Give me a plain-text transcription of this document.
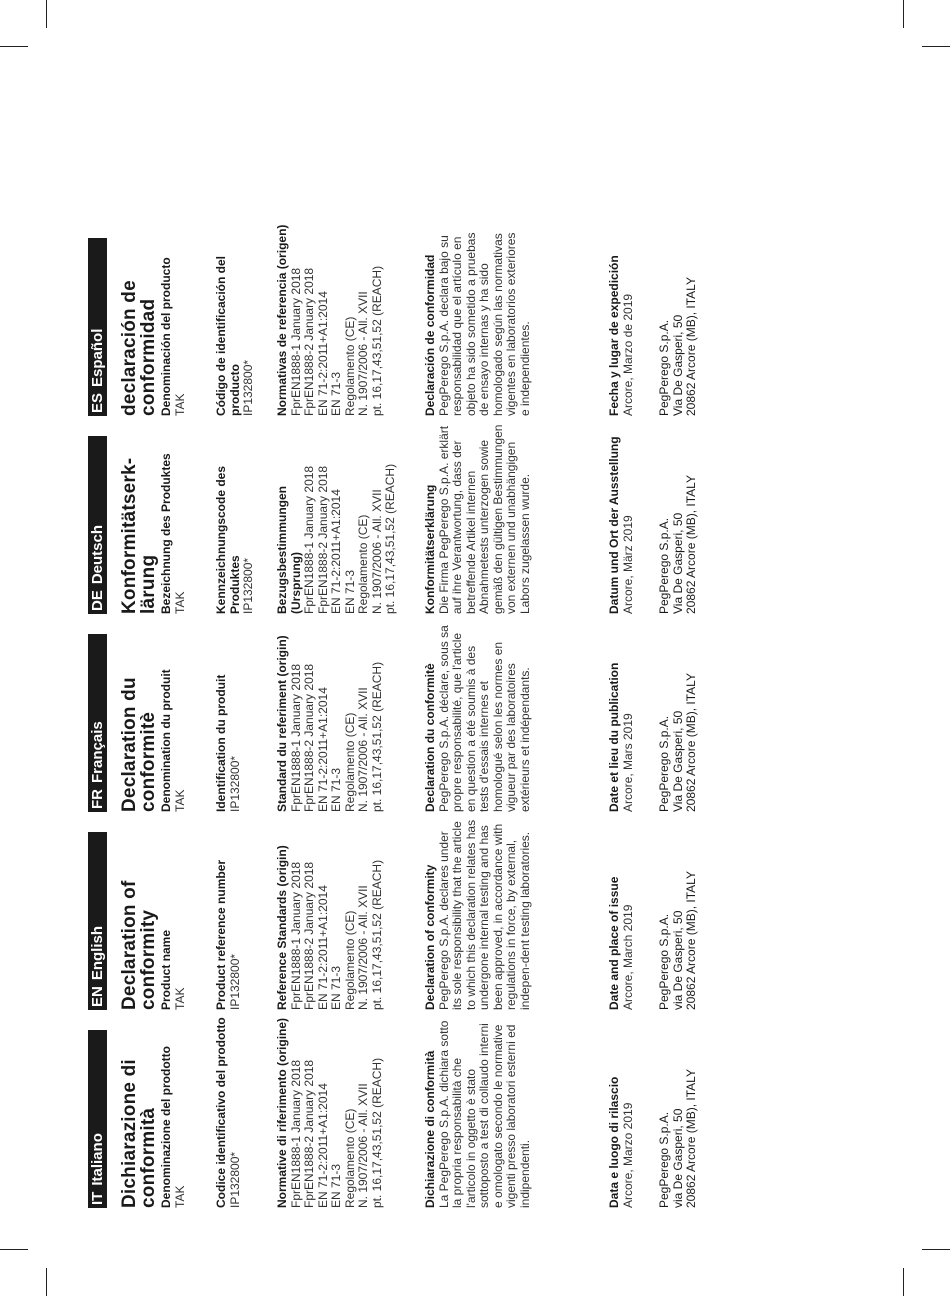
ITItaliano Dichiarazione di conformità Denominazione del prodotto TAK Codice identificativo del prodotto IP132800*	Normative di riferimento (origine) FprEN1888-1 January 2018 FprEN1888-2 January 2018 EN 71-2:2011+A1:2014 EN 71-3 Regolamento (CE) N. 1907/2006 - All. XVII pt. 16,17,43,51,52 (REACH)	Dichiarazione di conformità La PegPerego S.p.A. dichiara sotto la propria responsabilità che l'articolo in oggetto è stato sottoposto a test di collaudo interni e omologato secondo le normative vigenti presso laboratori esterni ed indipendenti.	Data e luogo di rilascio Arcore, Marzo 2019 PegPerego S.p.A. via De Gasperi, 50 20862 Arcore (MB), ITALY
ENEnglish Declaration of conformity Product name TAK Product reference number IP132800*	Reference Standards (origin) FprEN1888-1 January 2018 FprEN1888-2 January 2018 EN 71-2:2011+A1:2014 EN 71-3 Regolamento (CE) N. 1907/2006 - All. XVII pt. 16,17,43,51,52 (REACH)	Declaration of conformity PegPerego S.p.A. declares under its sole responsibility that the article to which this declaration relates has undergone internal testing and has been approved, in accordance with regulations in force, by external, indepen-dent testing laboratories.	Date and place of issue Arcore, March 2019 PegPerego S.p.A. via De Gasperi, 50 20862 Arcore (MB), ITALY
FRFrançais Declaration du conformitè Denomination du produit TAK Identification du produit IP132800*	Standard du referiment (origin) FprEN1888-1 January 2018 FprEN1888-2 January 2018 EN 71-2:2011+A1:2014 EN 71-3 Regolamento (CE) N. 1907/2006 - All. XVII pt. 16,17,43,51,52 (REACH)	Declaration du conformitè PegPerego S.p.A. déclare, sous sa propre responsabilité, que l'article en question a été soumis à des tests d'essais internes et homologué selon les normes en vigueur par des laboratoires extérieurs et indépendants.	Date et lieu du publication Arcore, Mars 2019 PegPerego S.p.A. Via De Gasperi, 50 20862 Arcore (MB), ITALY
DEDeutsch Konformitätserk-lärung Bezeichnung des Produktes TAK Kennzeichnungscode des Produktes IP132800* Bezugsbestimmungen (Ursprung) FprEN1888-1 January 2018 FprEN1888-2 January 2018 EN 71-2:2011+A1:2014 EN 71-3 Regolamento (CE) N. 1907/2006 - All. XVII pt. 16,17,43,51,52 (REACH) Konformitätserklärung Die Firma PegPerego S.p.A. erklärt auf ihre Verantwortung, dass der betreffende Artikel internen Abnahmetests unterzogen sowie gemäß den gültigen Bestimmungen von externen und unabhängigen Labors zugelassen wurde.	Datum und Ort der Ausstellung Arcore, März 2019 PegPerego S.p.A. Via De Gasperi, 50 20862 Arcore (MB), ITALY
ESEspañol declaración de conformidad Denominación del producto TAK Código de identificación del producto IP132800* Normativas de referencia (origen) FprEN1888-1 January 2018 FprEN1888-2 January 2018 EN 71-2:2011+A1:2014 EN 71-3 Regolamento (CE) N. 1907/2006 - All. XVII pt. 16,17,43,51,52 (REACH)	Declaración de conformidad PegPerego S.p.A. declara bajo su responsabilidad que el artículo en objeto ha sido sometido a pruebas de ensayo internas y ha sido homologado según las normativas vigentes en laboratorios exteriores e independientes.	Fecha y lugar de expedición Arcore, Marzo de 2019 PegPerego S.p.A. Via De Gasperi, 50 20862 Arcore (MB), ITALY
